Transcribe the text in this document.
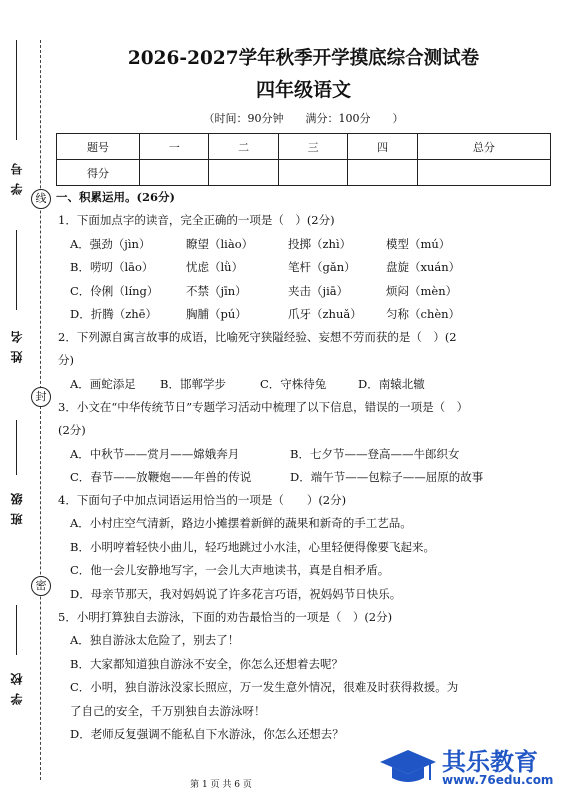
学号
线
姓名
封
班级
密
学校
2026-2027学年秋季开学摸底综合测试卷
四年级语文
（时间：90分钟　　满分：100分　　）
题号	一	二	三	四	总分
得分					
一、积累运用。(26分)
1．下面加点字的读音，完全正确的一项是（　）(2分)
A．强劲（jìn）	瞭望（liào）	投掷（zhì）	模型（mú）
B．唠叨（lāo）	忧虑（lǜ）	笔杆（gǎn）	盘旋（xuán）
C．伶俐（líng） 不禁（jīn）	夹击（jiā）	烦闷（mèn）
D．折腾（zhē）	胸脯（pú）	爪牙（zhuǎ） 匀称（chèn）
2．下列源自寓言故事的成语，比喻死守狭隘经验、妄想不劳而获的是（　）(2
分)
A．画蛇添足 B．邯郸学步	C．守株待兔	D．南辕北辙
3．小文在“中华传统节日”专题学习活动中梳理了以下信息，错误的一项是（　）
(2分)
A．中秋节——赏月——嫦娥奔月	B．七夕节——登高——牛郎织女
C．春节——放鞭炮——年兽的传说	D．端午节——包粽子——屈原的故事
4．下面句子中加点词语运用恰当的一项是（　　）(2分)
A．小村庄空气清新，路边小摊摆着新鲜的蔬果和新奇的手工艺品。
B．小明哼着轻快小曲儿，轻巧地跳过小水洼，心里轻便得像要飞起来。
C．他一会儿安静地写字，一会儿大声地读书，真是自相矛盾。
D．母亲节那天，我对妈妈说了许多花言巧语，祝妈妈节日快乐。
5．小明打算独自去游泳，下面的劝告最恰当的一项是（　）(2分)
A．独自游泳太危险了，别去了！
B．大家都知道独自游泳不安全，你怎么还想着去呢？
C．小明，独自游泳没家长照应，万一发生意外情况，很难及时获得救援。为
了自己的安全，千万别独自去游泳呀！
D．老师反复强调不能私自下水游泳，你怎么还想去？
第 1 页 共 6 页
其乐教育
www.76edu.com
